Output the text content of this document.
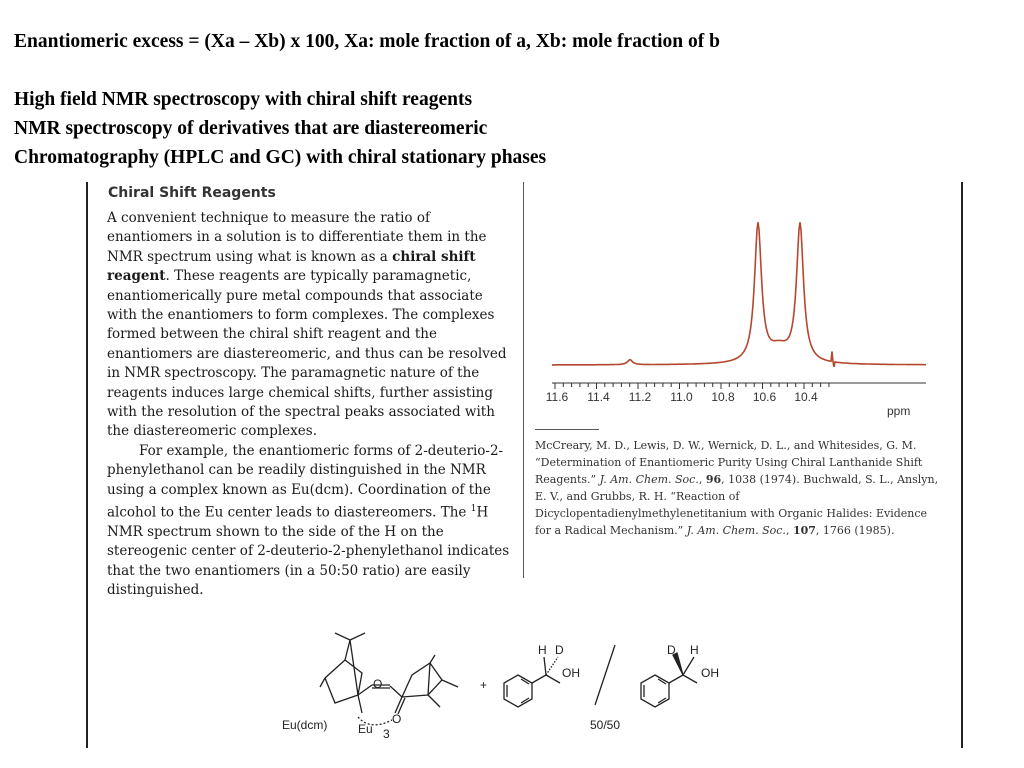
Enantiomeric excess = (Xa – Xb) x 100, Xa: mole fraction of a, Xb: mole fraction of b
High field NMR spectroscopy with chiral shift reagents
NMR spectroscopy of derivatives that are diastereomeric
Chromatography (HPLC and GC) with chiral stationary phases
Chiral Shift Reagents

A convenient technique to measure the ratio of enantiomers in a solution is to differentiate them in the NMR spectrum using what is known as a chiral shift reagent. These reagents are typically paramagnetic, enantiomerically pure metal compounds that associate with the enantiomers to form complexes. The complexes formed between the chiral shift reagent and the enantiomers are diastereomeric, and thus can be resolved in NMR spectroscopy. The paramagnetic nature of the reagents induces large chemical shifts, further assisting with the resolution of the spectral peaks associated with the diastereomeric complexes.

For example, the enantiomeric forms of 2-deuterio-2-phenylethanol can be readily distinguished in the NMR using a complex known as Eu(dcm). Coordination of the alcohol to the Eu center leads to diastereomers. The $^1$H NMR spectrum shown to the side of the H on the stereogenic center of 2-deuterio-2-phenylethanol indicates that the two enantiomers (in a 50:50 ratio) are easily distinguished.

11.6 11.4 11.2 11.0 10.8 10.6 10.4
ppm
McCreary, M. D., Lewis, D. W., Wernick, D. L., and Whitesides, G. M. “Determination of Enantiomeric Purity Using Chiral Lanthanide Shift Reagents.” J. Am. Chem. Soc., 96, 1038 (1974). Buchwald, S. L., Anslyn, E. V., and Grubbs, R. H. “Reaction of Dicyclopentadienylmethylenetitanium with Organic Halides: Evidence for a Radical Mechanism.” J. Am. Chem. Soc., 107, 1766 (1985).
Eu(dcm)	Eu 3
O
O
+
H D
OH
D H
OH
50/50
